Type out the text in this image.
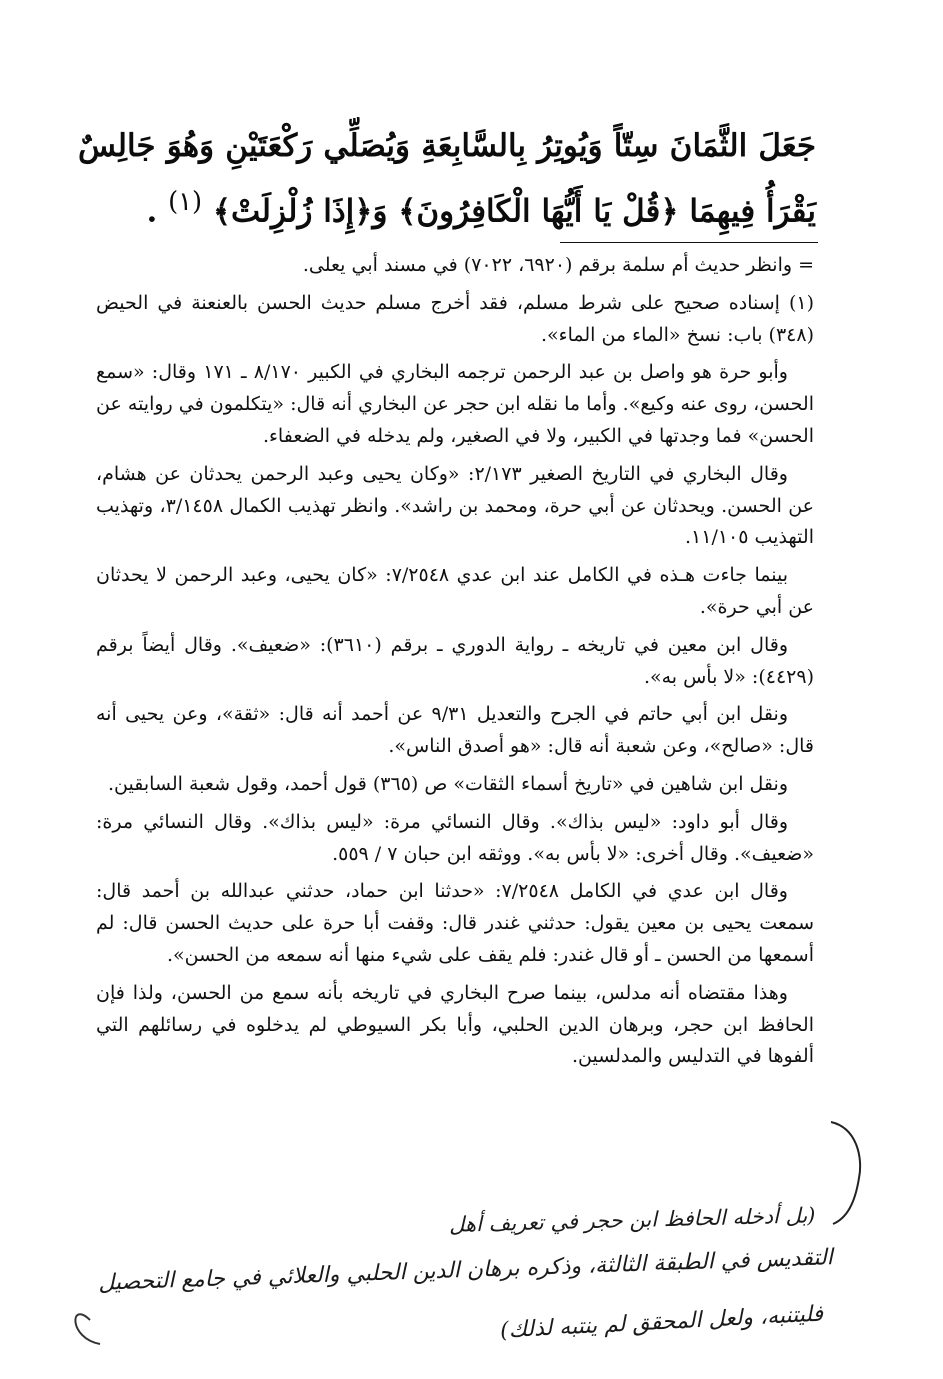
جَعَلَ الثَّمَانَ سِتّاً وَيُوتِرُ بِالسَّابِعَةِ وَيُصَلِّي رَكْعَتَيْنِ وَهُوَ جَالِسٌ يَقْرَأُ فِيهِمَا ﴿قُلْ يَا أَيُّهَا الْكَافِرُونَ﴾ وَ﴿إِذَا زُلْزِلَتْ﴾ $^{(١)}$ .

= وانظر حديث أم سلمة برقم (٦٩٢٠، ٧٠٢٢) في مسند أبي يعلى.

(١) إسناده صحيح على شرط مسلم، فقد أخرج مسلم حديث الحسن بالعنعنة في الحيض (٣٤٨) باب: نسخ «الماء من الماء».

وأبو حرة هو واصل بن عبد الرحمن ترجمه البخاري في الكبير ٨/١٧٠ ـ ١٧١ وقال: «سمع الحسن، روى عنه وكيع». وأما ما نقله ابن حجر عن البخاري أنه قال: «يتكلمون في روايته عن الحسن» فما وجدتها في الكبير، ولا في الصغير، ولم يدخله في الضعفاء.

وقال البخاري في التاريخ الصغير ٢/١٧٣: «وكان يحيى وعبد الرحمن يحدثان عن هشام، عن الحسن. ويحدثان عن أبي حرة، ومحمد بن راشد». وانظر تهذيب الكمال ٣/١٤٥٨، وتهذيب التهذيب ١١/١٠٥.

بينما جاءت هـذه في الكامل عند ابن عدي ٧/٢٥٤٨: «كان يحيى، وعبد الرحمن لا يحدثان عن أبي حرة».

وقال ابن معين في تاريخه ـ رواية الدوري ـ برقم (٣٦١٠): «ضعيف». وقال أيضاً برقم (٤٤٢٩): «لا بأس به».

ونقل ابن أبي حاتم في الجرح والتعديل ٩/٣١ عن أحمد أنه قال: «ثقة»، وعن يحيى أنه قال: «صالح»، وعن شعبة أنه قال: «هو أصدق الناس».

ونقل ابن شاهين في «تاريخ أسماء الثقات» ص (٣٦٥) قول أحمد، وقول شعبة السابقين.

وقال أبو داود: «ليس بذاك». وقال النسائي مرة: «ليس بذاك». وقال النسائي مرة: «ضعيف». وقال أخرى: «لا بأس به». ووثقه ابن حبان ٧ / ٥٥٩.

وقال ابن عدي في الكامل ٧/٢٥٤٨: «حدثنا ابن حماد، حدثني عبدالله بن أحمد قال: سمعت يحيى بن معين يقول: حدثني غندر قال: وقفت أبا حرة على حديث الحسن قال: لم أسمعها من الحسن ـ أو قال غندر: فلم يقف على شيء منها أنه سمعه من الحسن».

وهذا مقتضاه أنه مدلس، بينما صرح البخاري في تاريخه بأنه سمع من الحسن، ولذا فإن الحافظ ابن حجر، وبرهان الدين الحلبي، وأبا بكر السيوطي لم يدخلوه في رسائلهم التي ألفوها في التدليس والمدلسين.

(بل أدخله الحافظ ابن حجر في تعريف أهل
التقديس في الطبقة الثالثة، وذكره برهان الدين الحلبي والعلائي في جامع التحصيل
فليتنبه، ولعل المحقق لم ينتبه لذلك)
